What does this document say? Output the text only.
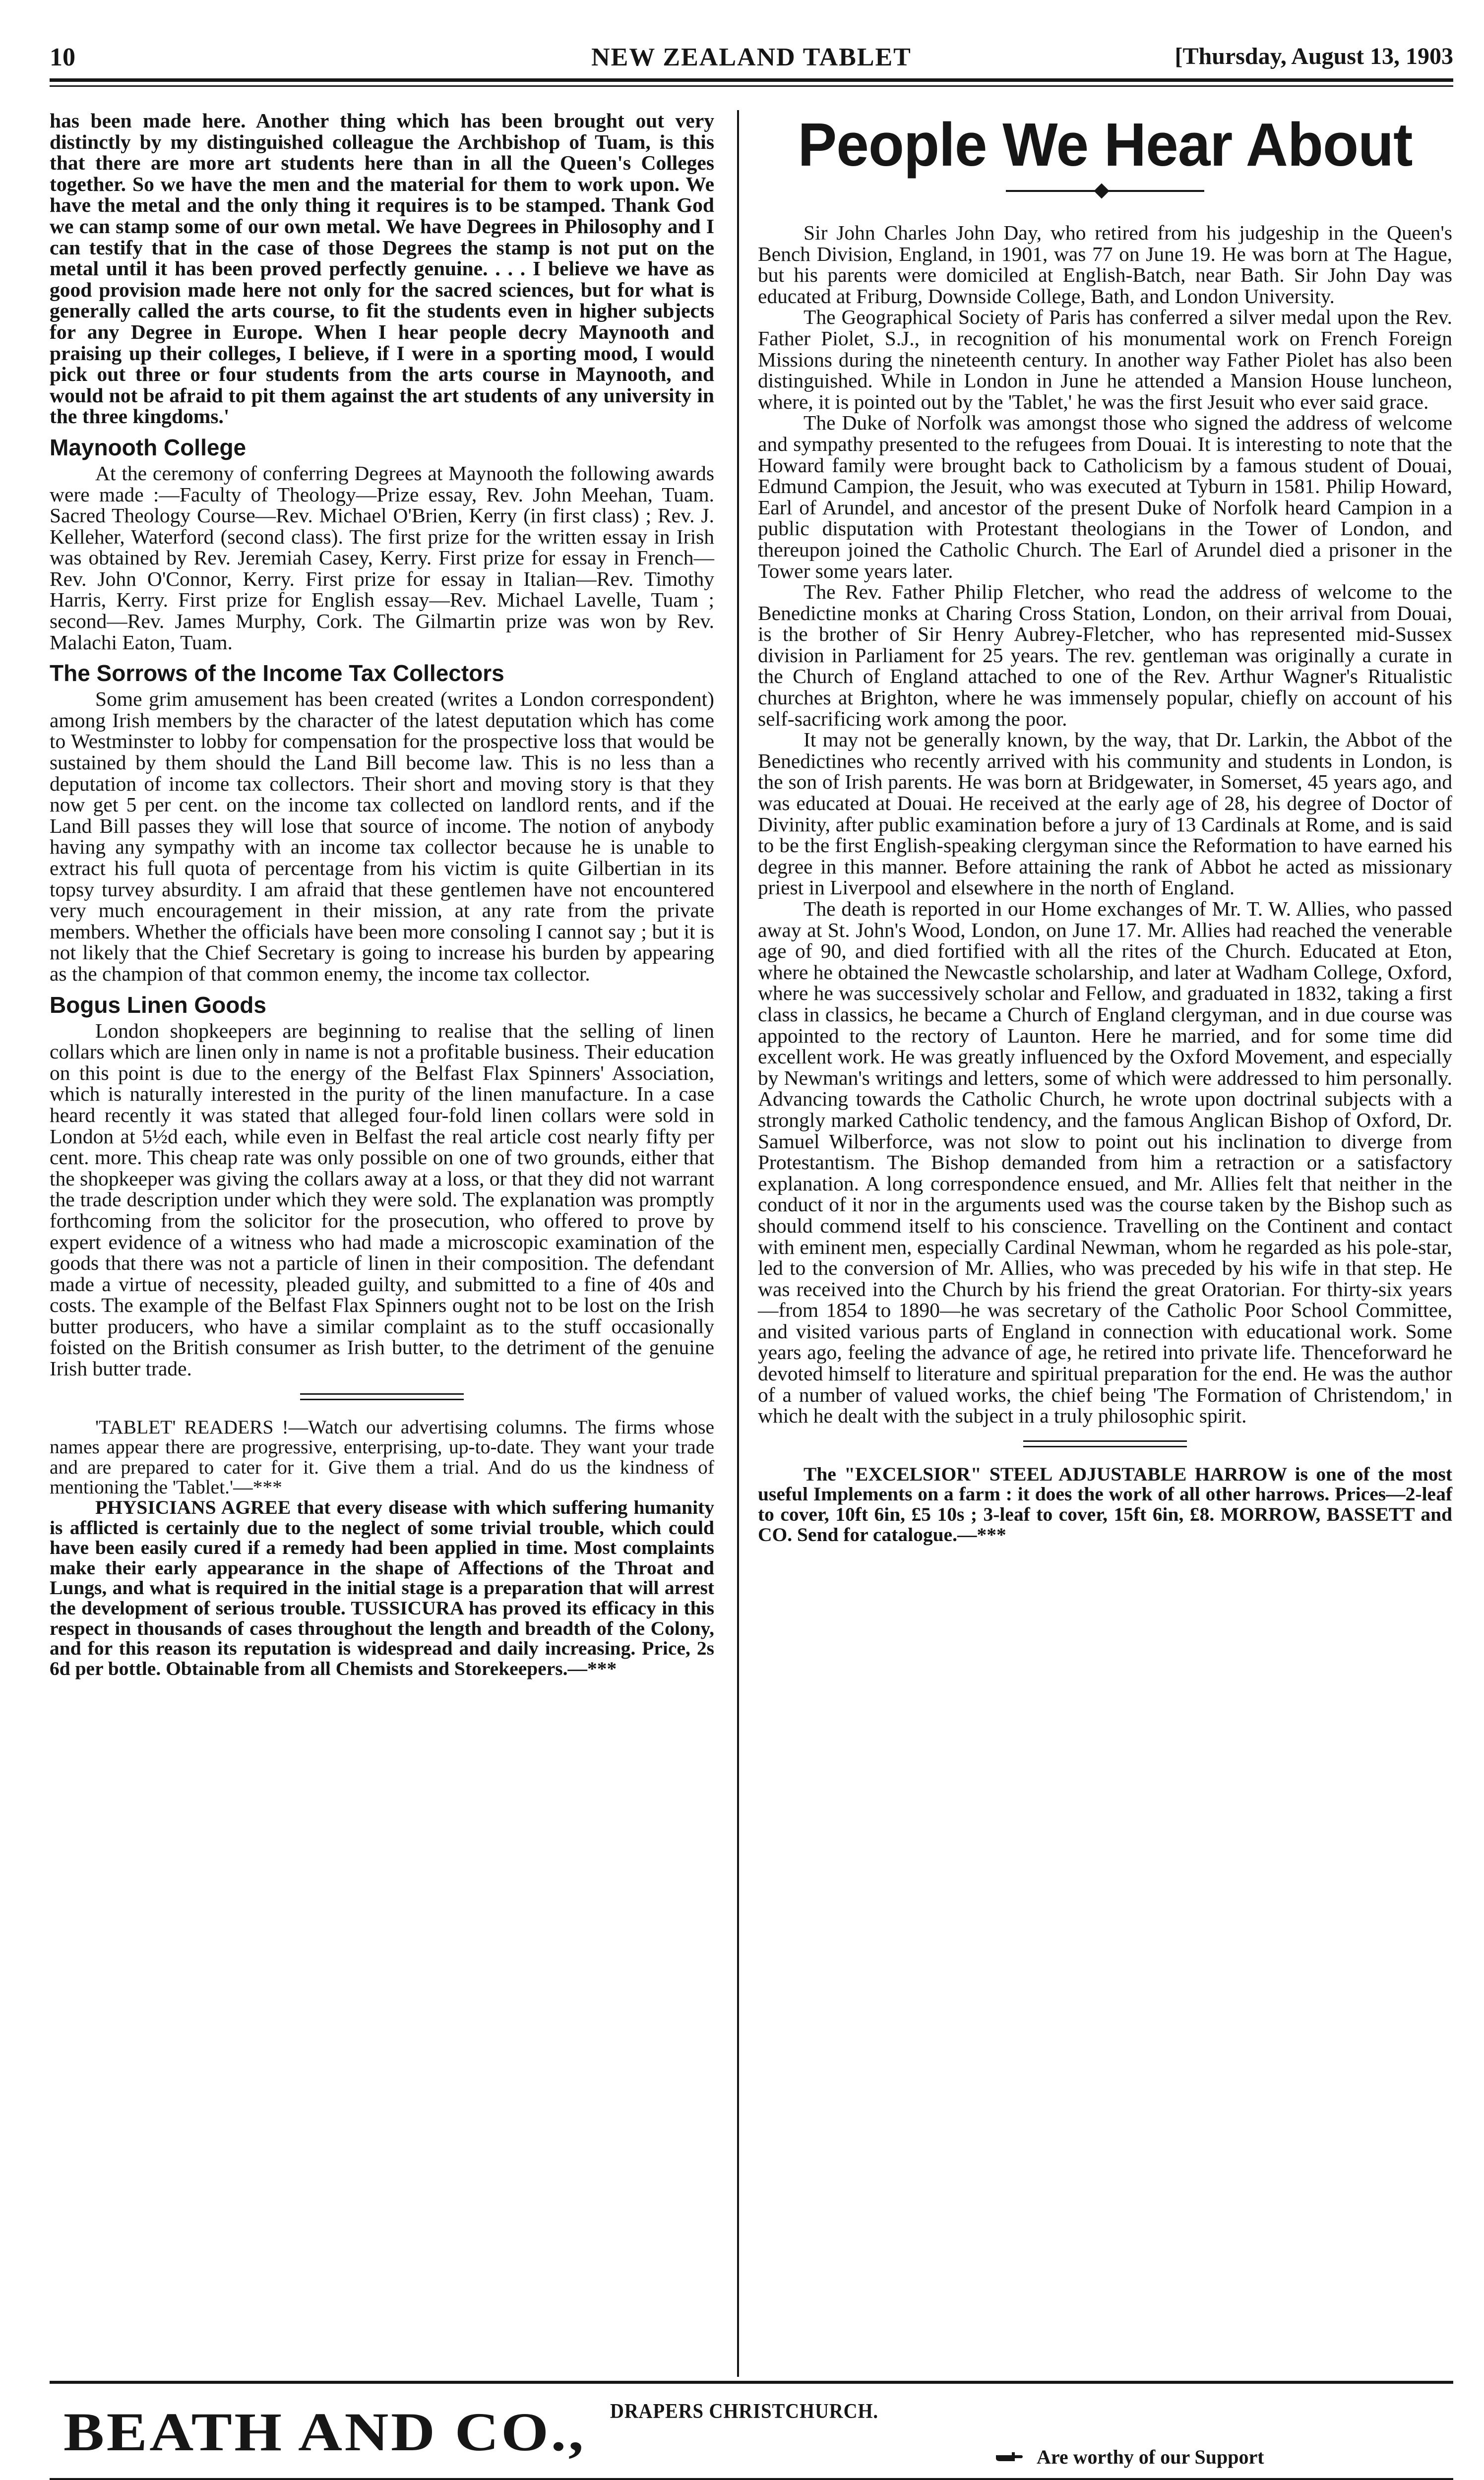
10	NEW ZEALAND TABLET	[Thursday, August 13, 1903

has been made here. Another thing which has been brought out very distinctly by my distinguished colleague the Archbishop of Tuam, is this that there are more art students here than in all the Queen's Colleges together. So we have the men and the material for them to work upon. We have the metal and the only thing it requires is to be stamped. Thank God we can stamp some of our own metal. We have Degrees in Philosophy and I can testify that in the case of those Degrees the stamp is not put on the metal until it has been proved perfectly genuine. . . . I believe we have as good provision made here not only for the sacred sciences, but for what is generally called the arts course, to fit the students even in higher subjects for any Degree in Europe. When I hear people decry Maynooth and praising up their colleges, I believe, if I were in a sporting mood, I would pick out three or four students from the arts course in Maynooth, and would not be afraid to pit them against the art students of any university in the three kingdoms.'

Maynooth College

At the ceremony of conferring Degrees at Maynooth the following awards were made :—Faculty of Theology—Prize essay, Rev. John Meehan, Tuam. Sacred Theology Course—Rev. Michael O'Brien, Kerry (in first class) ; Rev. J. Kelleher, Waterford (second class). The first prize for the written essay in Irish was obtained by Rev. Jeremiah Casey, Kerry. First prize for essay in French—Rev. John O'Connor, Kerry. First prize for essay in Italian—Rev. Timothy Harris, Kerry. First prize for English essay—Rev. Michael Lavelle, Tuam ; second—Rev. James Murphy, Cork. The Gilmartin prize was won by Rev. Malachi Eaton, Tuam.

The Sorrows of the Income Tax Collectors

Some grim amusement has been created (writes a London correspondent) among Irish members by the character of the latest deputation which has come to Westminster to lobby for compensation for the prospective loss that would be sustained by them should the Land Bill become law. This is no less than a deputation of income tax collectors. Their short and moving story is that they now get 5 per cent. on the income tax collected on landlord rents, and if the Land Bill passes they will lose that source of income. The notion of anybody having any sympathy with an income tax collector because he is unable to extract his full quota of percentage from his victim is quite Gilbertian in its topsy turvey absurdity. I am afraid that these gentlemen have not encountered very much encouragement in their mission, at any rate from the private members. Whether the officials have been more consoling I cannot say ; but it is not likely that the Chief Secretary is going to increase his burden by appearing as the champion of that common enemy, the income tax collector.

Bogus Linen Goods

London shopkeepers are beginning to realise that the selling of linen collars which are linen only in name is not a profitable business. Their education on this point is due to the energy of the Belfast Flax Spinners' Association, which is naturally interested in the purity of the linen manufacture. In a case heard recently it was stated that alleged four-fold linen collars were sold in London at 5½d each, while even in Belfast the real article cost nearly fifty per cent. more. This cheap rate was only possible on one of two grounds, either that the shopkeeper was giving the collars away at a loss, or that they did not warrant the trade description under which they were sold. The explanation was promptly forthcoming from the solicitor for the prosecution, who offered to prove by expert evidence of a witness who had made a microscopic examination of the goods that there was not a particle of linen in their composition. The defendant made a virtue of necessity, pleaded guilty, and submitted to a fine of 40s and costs. The example of the Belfast Flax Spinners ought not to be lost on the Irish butter producers, who have a similar complaint as to the stuff occasionally foisted on the British consumer as Irish butter, to the detriment of the genuine Irish butter trade.

'TABLET' READERS !—Watch our advertising columns. The firms whose names appear there are progressive, enterprising, up-to-date. They want your trade and are prepared to cater for it. Give them a trial. And do us the kindness of mentioning the 'Tablet.'—***

PHYSICIANS AGREE that every disease with which suffering humanity is afflicted is certainly due to the neglect of some trivial trouble, which could have been easily cured if a remedy had been applied in time. Most complaints make their early appearance in the shape of Affections of the Throat and Lungs, and what is required in the initial stage is a preparation that will arrest the development of serious trouble. TUSSICURA has proved its efficacy in this respect in thousands of cases throughout the length and breadth of the Colony, and for this reason its reputation is widespread and daily increasing. Price, 2s 6d per bottle. Obtainable from all Chemists and Storekeepers.—***

People We Hear About

Sir John Charles John Day, who retired from his judgeship in the Queen's Bench Division, England, in 1901, was 77 on June 19. He was born at The Hague, but his parents were domiciled at English-Batch, near Bath. Sir John Day was educated at Friburg, Downside College, Bath, and London University.

The Geographical Society of Paris has conferred a silver medal upon the Rev. Father Piolet, S.J., in recognition of his monumental work on French Foreign Missions during the nineteenth century. In another way Father Piolet has also been distinguished. While in London in June he attended a Mansion House luncheon, where, it is pointed out by the 'Tablet,' he was the first Jesuit who ever said grace.

The Duke of Norfolk was amongst those who signed the address of welcome and sympathy presented to the refugees from Douai. It is interesting to note that the Howard family were brought back to Catholicism by a famous student of Douai, Edmund Campion, the Jesuit, who was executed at Tyburn in 1581. Philip Howard, Earl of Arundel, and ancestor of the present Duke of Norfolk heard Campion in a public disputation with Protestant theologians in the Tower of London, and thereupon joined the Catholic Church. The Earl of Arundel died a prisoner in the Tower some years later.

The Rev. Father Philip Fletcher, who read the address of welcome to the Benedictine monks at Charing Cross Station, London, on their arrival from Douai, is the brother of Sir Henry Aubrey-Fletcher, who has represented mid-Sussex division in Parliament for 25 years. The rev. gentleman was originally a curate in the Church of England attached to one of the Rev. Arthur Wagner's Ritualistic churches at Brighton, where he was immensely popular, chiefly on account of his self-sacrificing work among the poor.

It may not be generally known, by the way, that Dr. Larkin, the Abbot of the Benedictines who recently arrived with his community and students in London, is the son of Irish parents. He was born at Bridgewater, in Somerset, 45 years ago, and was educated at Douai. He received at the early age of 28, his degree of Doctor of Divinity, after public examination before a jury of 13 Cardinals at Rome, and is said to be the first English-speaking clergyman since the Reformation to have earned his degree in this manner. Before attaining the rank of Abbot he acted as missionary priest in Liverpool and elsewhere in the north of England.

The death is reported in our Home exchanges of Mr. T. W. Allies, who passed away at St. John's Wood, London, on June 17. Mr. Allies had reached the venerable age of 90, and died fortified with all the rites of the Church. Educated at Eton, where he obtained the Newcastle scholarship, and later at Wadham College, Oxford, where he was successively scholar and Fellow, and graduated in 1832, taking a first class in classics, he became a Church of England clergyman, and in due course was appointed to the rectory of Launton. Here he married, and for some time did excellent work. He was greatly influenced by the Oxford Movement, and especially by Newman's writings and letters, some of which were addressed to him personally. Advancing towards the Catholic Church, he wrote upon doctrinal subjects with a strongly marked Catholic tendency, and the famous Anglican Bishop of Oxford, Dr. Samuel Wilberforce, was not slow to point out his inclination to diverge from Protestantism. The Bishop demanded from him a retraction or a satisfactory explanation. A long correspondence ensued, and Mr. Allies felt that neither in the conduct of it nor in the arguments used was the course taken by the Bishop such as should commend itself to his conscience. Travelling on the Continent and contact with eminent men, especially Cardinal Newman, whom he regarded as his pole-star, led to the conversion of Mr. Allies, who was preceded by his wife in that step. He was received into the Church by his friend the great Oratorian. For thirty-six years—from 1854 to 1890—he was secretary of the Catholic Poor School Committee, and visited various parts of England in connection with educational work. Some years ago, feeling the advance of age, he retired into private life. Thenceforward he devoted himself to literature and spiritual preparation for the end. He was the author of a number of valued works, the chief being 'The Formation of Christendom,' in which he dealt with the subject in a truly philosophic spirit.

The "EXCELSIOR" STEEL ADJUSTABLE HARROW is one of the most useful Implements on a farm : it does the work of all other harrows. Prices—2-leaf to cover, 10ft 6in, £5 10s ; 3-leaf to cover, 15ft 6in, £8. MORROW, BASSETT and CO. Send for catalogue.—***

BEATH AND CO., DRAPERS CHRISTCHURCH.
Are worthy of our Support
